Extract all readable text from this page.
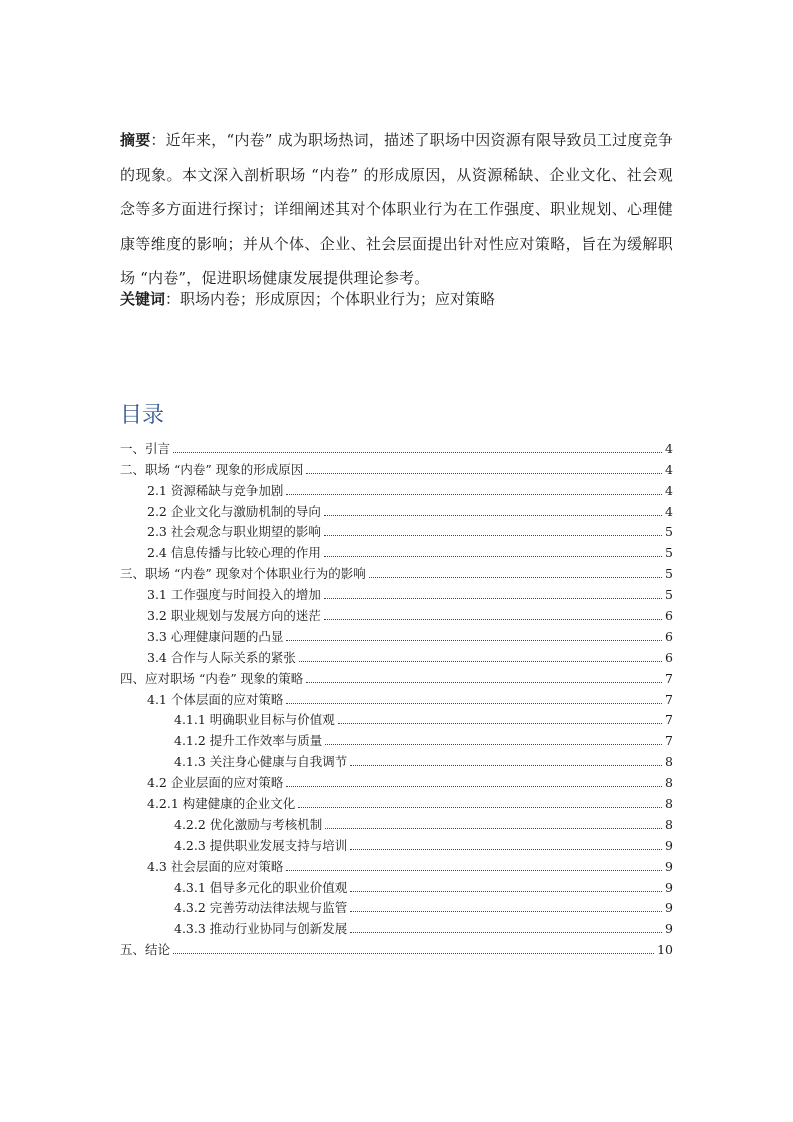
摘要：近年来，“内卷” 成为职场热词，描述了职场中因资源有限导致员工过度竞争的现象。本文深入剖析职场 “内卷” 的形成原因，从资源稀缺、企业文化、社会观念等多方面进行探讨；详细阐述其对个体职业行为在工作强度、职业规划、心理健康等维度的影响；并从个体、企业、社会层面提出针对性应对策略，旨在为缓解职场 “内卷”，促进职场健康发展提供理论参考。
关键词：职场内卷；形成原因；个体职业行为；应对策略
目录
一、引言	4
二、职场 “内卷” 现象的形成原因	4
2.1 资源稀缺与竞争加剧	4
2.2 企业文化与激励机制的导向	4
2.3 社会观念与职业期望的影响	5
2.4 信息传播与比较心理的作用	5
三、职场 “内卷” 现象对个体职业行为的影响	5
3.1 工作强度与时间投入的增加	5
3.2 职业规划与发展方向的迷茫	6
3.3 心理健康问题的凸显	6
3.4 合作与人际关系的紧张	6
四、应对职场 “内卷” 现象的策略	7
4.1 个体层面的应对策略	7
4.1.1 明确职业目标与价值观	7
4.1.2 提升工作效率与质量	7
4.1.3 关注身心健康与自我调节	8
4.2 企业层面的应对策略	8
4.2.1 构建健康的企业文化	8
4.2.2 优化激励与考核机制	8
4.2.3 提供职业发展支持与培训	9
4.3 社会层面的应对策略	9
4.3.1 倡导多元化的职业价值观	9
4.3.2 完善劳动法律法规与监管	9
4.3.3 推动行业协同与创新发展	9
五、结论	10
